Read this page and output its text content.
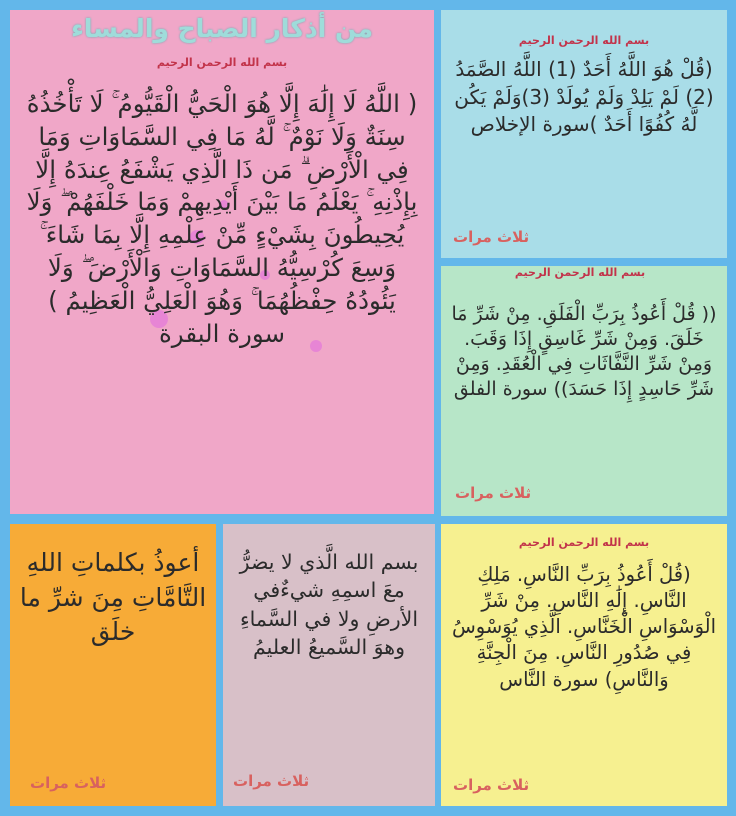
من أذكار الصباح والمساء
بسم الله الرحمن الرحيم
( اللَّهُ لَا إِلَٰهَ إِلَّا هُوَ الْحَيُّ الْقَيُّومُ ۚ لَا تَأْخُذُهُ سِنَةٌ وَلَا نَوْمٌ ۚ لَّهُ مَا فِي السَّمَاوَاتِ وَمَا فِي الْأَرْضِ ۗ مَن ذَا الَّذِي يَشْفَعُ عِندَهُ إِلَّا بِإِذْنِهِ ۚ يَعْلَمُ مَا بَيْنَ أَيْدِيهِمْ وَمَا خَلْفَهُمْ ۖ وَلَا يُحِيطُونَ بِشَيْءٍ مِّنْ عِلْمِهِ إِلَّا بِمَا شَاءَ ۚ وَسِعَ كُرْسِيُّهُ السَّمَاوَاتِ وَالْأَرْضَ ۖ وَلَا يَئُودُهُ حِفْظُهُمَا ۚ وَهُوَ الْعَلِيُّ الْعَظِيمُ ) سورة البقرة
بسم الله الرحمن الرحيم
(قُلْ هُوَ اللَّهُ أَحَدٌ (1) اللَّهُ الصَّمَدُ (2) لَمْ يَلِدْ وَلَمْ يُولَدْ (3)وَلَمْ يَكُن لَّهُ كُفُوًا أَحَدٌ )سورة الإخلاص
ثلاث مرات
بسم الله الرحمن الرحيم
(( قُلْ أَعُوذُ بِرَبِّ الْفَلَقِ. مِنْ شَرِّ مَا خَلَقَ. وَمِنْ شَرِّ غَاسِقٍ إِذَا وَقَبَ. وَمِنْ شَرِّ النَّفَّاثَاتِ فِي الْعُقَدِ. وَمِنْ شَرِّ حَاسِدٍ إِذَا حَسَدَ)) سورة الفلق
ثلاث مرات
بسم الله الرحمن الرحيم
(قُلْ أَعُوذُ بِرَبِّ النَّاسِ. مَلِكِ النَّاسِ. إِلَٰهِ النَّاسِ. مِنْ شَرِّ الْوَسْوَاسِ الْخَنَّاسِ. الَّذِي يُوَسْوِسُ فِي صُدُورِ النَّاسِ. مِنَ الْجِنَّةِ وَالنَّاسِ) سورة النَّاس
ثلاث مرات
أعوذُ بكلماتِ اللهِ التَّامَّاتِ مِنَ شرِّ ما خلَق
ثلاث مرات
بسم الله الَّذي لا يضرُّ معَ اسمِهِ شيءٌفي الأرضِ ولا في السَّماءِ وهوَ السَّميعُ العليمُ
ثلاث مرات
